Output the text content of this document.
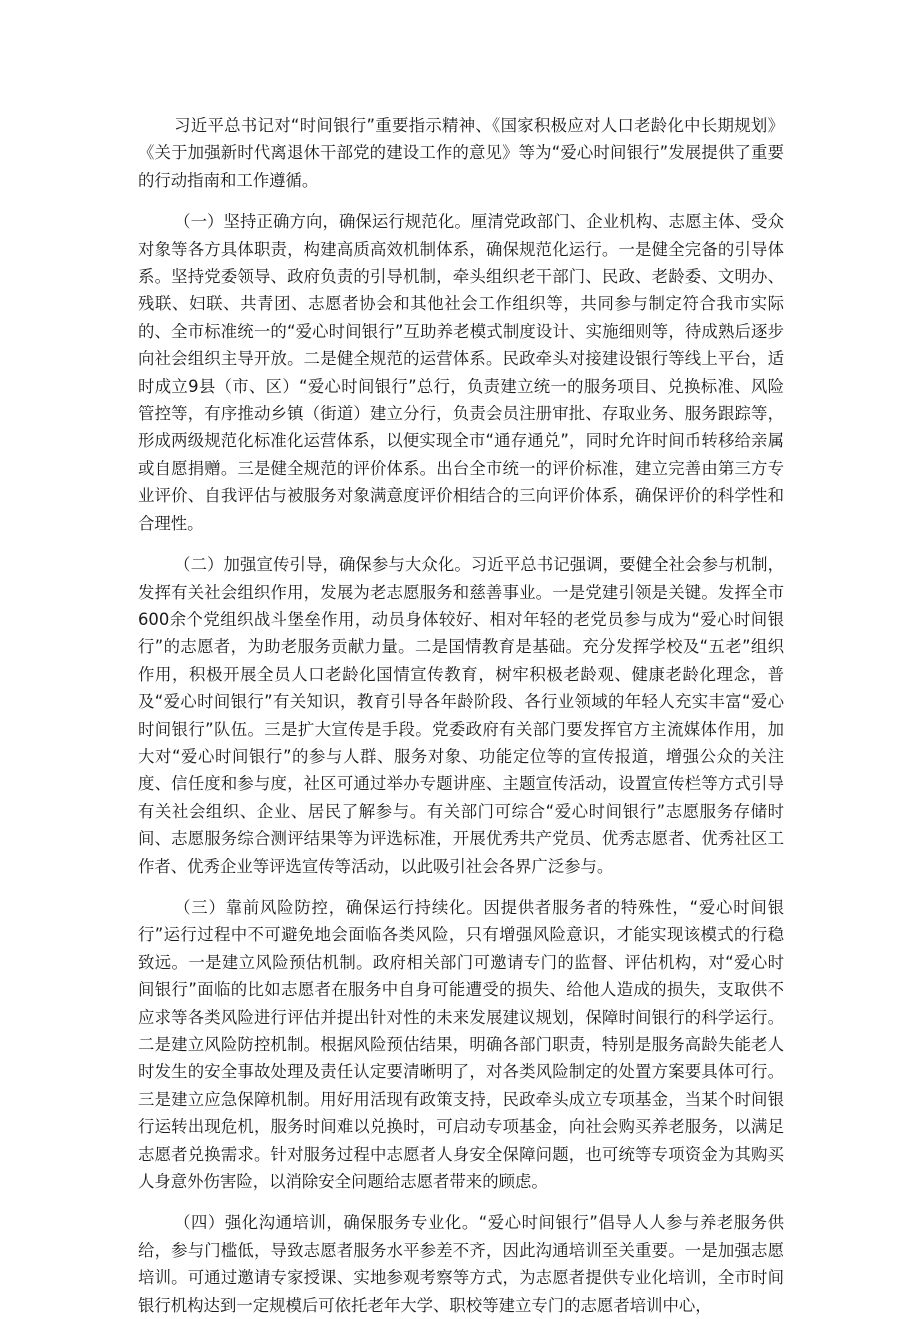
习近平总书记对“时间银行”重要指示精神、《国家积极应对人口老龄化中长期规划》《关于加强新时代离退休干部党的建设工作的意见》等为“爱心时间银行”发展提供了重要的行动指南和工作遵循。

（一）坚持正确方向，确保运行规范化。厘清党政部门、企业机构、志愿主体、受众对象等各方具体职责，构建高质高效机制体系，确保规范化运行。一是健全完备的引导体系。坚持党委领导、政府负责的引导机制，牵头组织老干部门、民政、老龄委、文明办、残联、妇联、共青团、志愿者协会和其他社会工作组织等，共同参与制定符合我市实际的、全市标准统一的“爱心时间银行”互助养老模式制度设计、实施细则等，待成熟后逐步向社会组织主导开放。二是健全规范的运营体系。民政牵头对接建设银行等线上平台，适时成立9县（市、区）“爱心时间银行”总行，负责建立统一的服务项目、兑换标准、风险管控等，有序推动乡镇（街道）建立分行，负责会员注册审批、存取业务、服务跟踪等，形成两级规范化标准化运营体系，以便实现全市“通存通兑”，同时允许时间币转移给亲属或自愿捐赠。三是健全规范的评价体系。出台全市统一的评价标准，建立完善由第三方专业评价、自我评估与被服务对象满意度评价相结合的三向评价体系，确保评价的科学性和合理性。

（二）加强宣传引导，确保参与大众化。习近平总书记强调，要健全社会参与机制，发挥有关社会组织作用，发展为老志愿服务和慈善事业。一是党建引领是关键。发挥全市600余个党组织战斗堡垒作用，动员身体较好、相对年轻的老党员参与成为“爱心时间银行”的志愿者，为助老服务贡献力量。二是国情教育是基础。充分发挥学校及“五老”组织作用，积极开展全员人口老龄化国情宣传教育，树牢积极老龄观、健康老龄化理念，普及“爱心时间银行”有关知识，教育引导各年龄阶段、各行业领域的年轻人充实丰富“爱心时间银行”队伍。三是扩大宣传是手段。党委政府有关部门要发挥官方主流媒体作用，加大对“爱心时间银行”的参与人群、服务对象、功能定位等的宣传报道，增强公众的关注度、信任度和参与度，社区可通过举办专题讲座、主题宣传活动，设置宣传栏等方式引导有关社会组织、企业、居民了解参与。有关部门可综合“爱心时间银行”志愿服务存储时间、志愿服务综合测评结果等为评选标准，开展优秀共产党员、优秀志愿者、优秀社区工作者、优秀企业等评选宣传等活动，以此吸引社会各界广泛参与。

（三）靠前风险防控，确保运行持续化。因提供者服务者的特殊性，“爱心时间银行”运行过程中不可避免地会面临各类风险，只有增强风险意识，才能实现该模式的行稳致远。一是建立风险预估机制。政府相关部门可邀请专门的监督、评估机构，对“爱心时间银行”面临的比如志愿者在服务中自身可能遭受的损失、给他人造成的损失，支取供不应求等各类风险进行评估并提出针对性的未来发展建议规划，保障时间银行的科学运行。二是建立风险防控机制。根据风险预估结果，明确各部门职责，特别是服务高龄失能老人时发生的安全事故处理及责任认定要清晰明了，对各类风险制定的处置方案要具体可行。三是建立应急保障机制。用好用活现有政策支持，民政牵头成立专项基金，当某个时间银行运转出现危机，服务时间难以兑换时，可启动专项基金，向社会购买养老服务，以满足志愿者兑换需求。针对服务过程中志愿者人身安全保障问题，也可统等专项资金为其购买人身意外伤害险，以消除安全问题给志愿者带来的顾虑。

（四）强化沟通培训，确保服务专业化。“爱心时间银行”倡导人人参与养老服务供给，参与门槛低，导致志愿者服务水平参差不齐，因此沟通培训至关重要。一是加强志愿培训。可通过邀请专家授课、实地参观考察等方式，为志愿者提供专业化培训，全市时间银行机构达到一定规模后可依托老年大学、职校等建立专门的志愿者培训中心，
